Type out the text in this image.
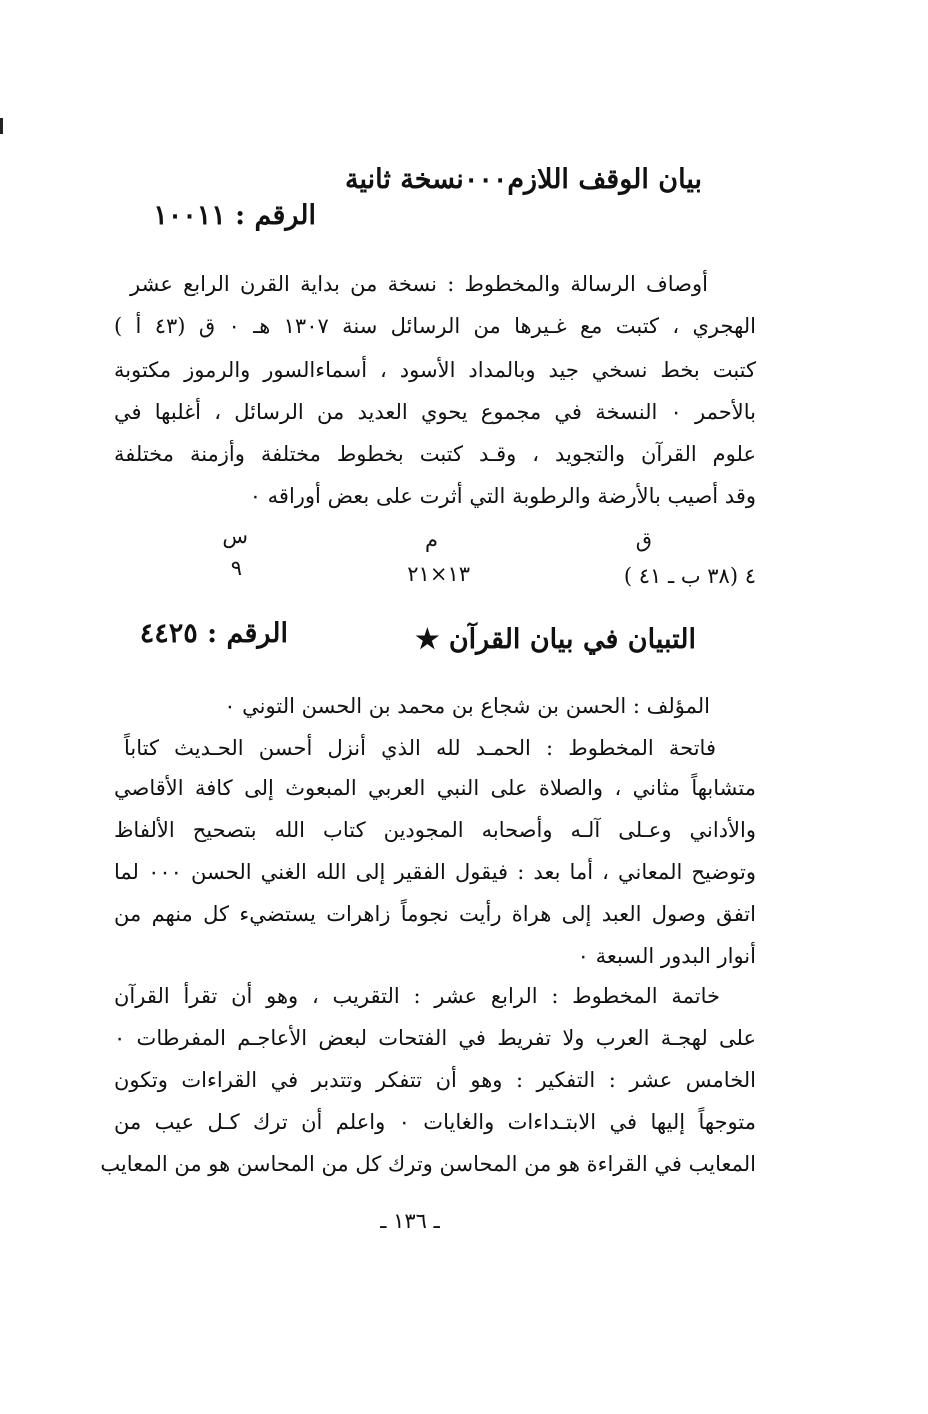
بيان الوقف اللازم٠٠٠نسخة ثانية
الرقم : ١٠٠١١
أوصاف الرسالة والمخطوط : نسخة من بداية القرن الرابع عشر
الهجري ، كتبت مع غـيرها من الرسائل سنة ١٣٠٧ هـ ٠ ق (٤٣ أ )
كتبت بخط نسخي جيد وبالمداد الأسود ، أسماءالسور والرموز مكتوبة
بالأحمر ٠ النسخة في مجموع يحوي العديد من الرسائل ، أغلبها في
علوم القرآن والتجويد ، وقـد كتبت بخطوط مختلفة وأزمنة مختلفة
وقد أصيب بالأرضة والرطوبة التي أثرت على بعض أوراقه ٠
ق
م
س
٤ (٣٨ ب ـ ٤١ )
١٣×٢١
٩
التبيان في بيان القرآن ★
الرقم : ٤٤٢٥
المؤلف : الحسن بن شجاع بن محمد بن الحسن التوني ٠
فاتحة المخطوط : الحمـد لله الذي أنزل أحسن الحـديث كتاباً
متشابهاً مثاني ، والصلاة على النبي العربي المبعوث إلى كافة الأقاصي
والأداني وعـلى آلـه وأصحابه المجودين كتاب الله بتصحيح الألفاظ
وتوضيح المعاني ، أما بعد : فيقول الفقير إلى الله الغني الحسن ٠٠٠ لما
اتفق وصول العبد إلى هراة رأيت نجوماً زاهرات يستضيء كل منهم من
أنوار البدور السبعة ٠
خاتمة المخطوط : الرابع عشر : التقريب ، وهو أن تقرأ القرآن
على لهجـة العرب ولا تفريط في الفتحات لبعض الأعاجـم المفرطات ٠
الخامس عشر : التفكير : وهو أن تتفكر وتتدبر في القراءات وتكون
متوجهاً إليها في الابتـداءات والغايات ٠ واعلم أن ترك كـل عيب من
المعايب في القراءة هو من المحاسن وترك كل من المحاسن هو من المعايب
ـ ١٣٦ ـ
